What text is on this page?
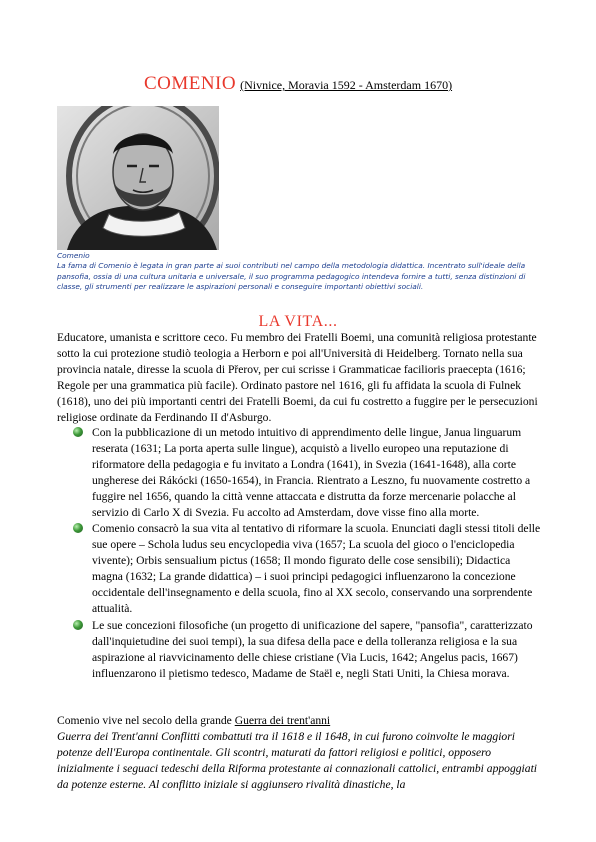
COMENIO (Nivnice, Moravia 1592 - Amsterdam 1670)
Comenio
La fama di Comenio è legata in gran parte ai suoi contributi nel campo della metodologia didattica. Incentrato sull'ideale della pansofia, ossia di una cultura unitaria e universale, il suo programma pedagogico intendeva fornire a tutti, senza distinzioni di classe, gli strumenti per realizzare le aspirazioni personali e conseguire importanti obiettivi sociali.
LA VITA...
Educatore, umanista e scrittore ceco. Fu membro dei Fratelli Boemi, una comunità religiosa protestante sotto la cui protezione studiò teologia a Herborn e poi all'Università di Heidelberg. Tornato nella sua provincia natale, diresse la scuola di Přerov, per cui scrisse i Grammaticae facilioris praecepta (1616; Regole per una grammatica più facile). Ordinato pastore nel 1616, gli fu affidata la scuola di Fulnek (1618), uno dei più importanti centri dei Fratelli Boemi, da cui fu costretto a fuggire per le persecuzioni religiose ordinate da Ferdinando II d'Asburgo.
Con la pubblicazione di un metodo intuitivo di apprendimento delle lingue, Janua linguarum reserata (1631; La porta aperta sulle lingue), acquistò a livello europeo una reputazione di riformatore della pedagogia e fu invitato a Londra (1641), in Svezia (1641-1648), alla corte ungherese dei Rákócki (1650-1654), in Francia. Rientrato a Leszno, fu nuovamente costretto a fuggire nel 1656, quando la città venne attaccata e distrutta da forze mercenarie polacche al servizio di Carlo X di Svezia. Fu accolto ad Amsterdam, dove visse fino alla morte.
Comenio consacrò la sua vita al tentativo di riformare la scuola. Enunciati dagli stessi titoli delle sue opere – Schola ludus seu encyclopedia viva (1657; La scuola del gioco o l'enciclopedia vivente); Orbis sensualium pictus (1658; Il mondo figurato delle cose sensibili); Didactica magna (1632; La grande didattica) – i suoi principi pedagogici influenzarono la concezione occidentale dell'insegnamento e della scuola, fino al XX secolo, conservando una sorprendente attualità.
Le sue concezioni filosofiche (un progetto di unificazione del sapere, "pansofia", caratterizzato dall'inquietudine dei suoi tempi), la sua difesa della pace e della tolleranza religiosa e la sua aspirazione al riavvicinamento delle chiese cristiane (Via Lucis, 1642; Angelus pacis, 1667) influenzarono il pietismo tedesco, Madame de Staël e, negli Stati Uniti, la Chiesa morava.
Comenio vive nel secolo della grande Guerra dei trent'anni
Guerra dei Trent'anni Conflitti combattuti tra il 1618 e il 1648, in cui furono coinvolte le maggiori potenze dell'Europa continentale. Gli scontri, maturati da fattori religiosi e politici, opposero inizialmente i seguaci tedeschi della Riforma protestante ai connazionali cattolici, entrambi appoggiati da potenze esterne. Al conflitto iniziale si aggiunsero rivalità dinastiche, la
